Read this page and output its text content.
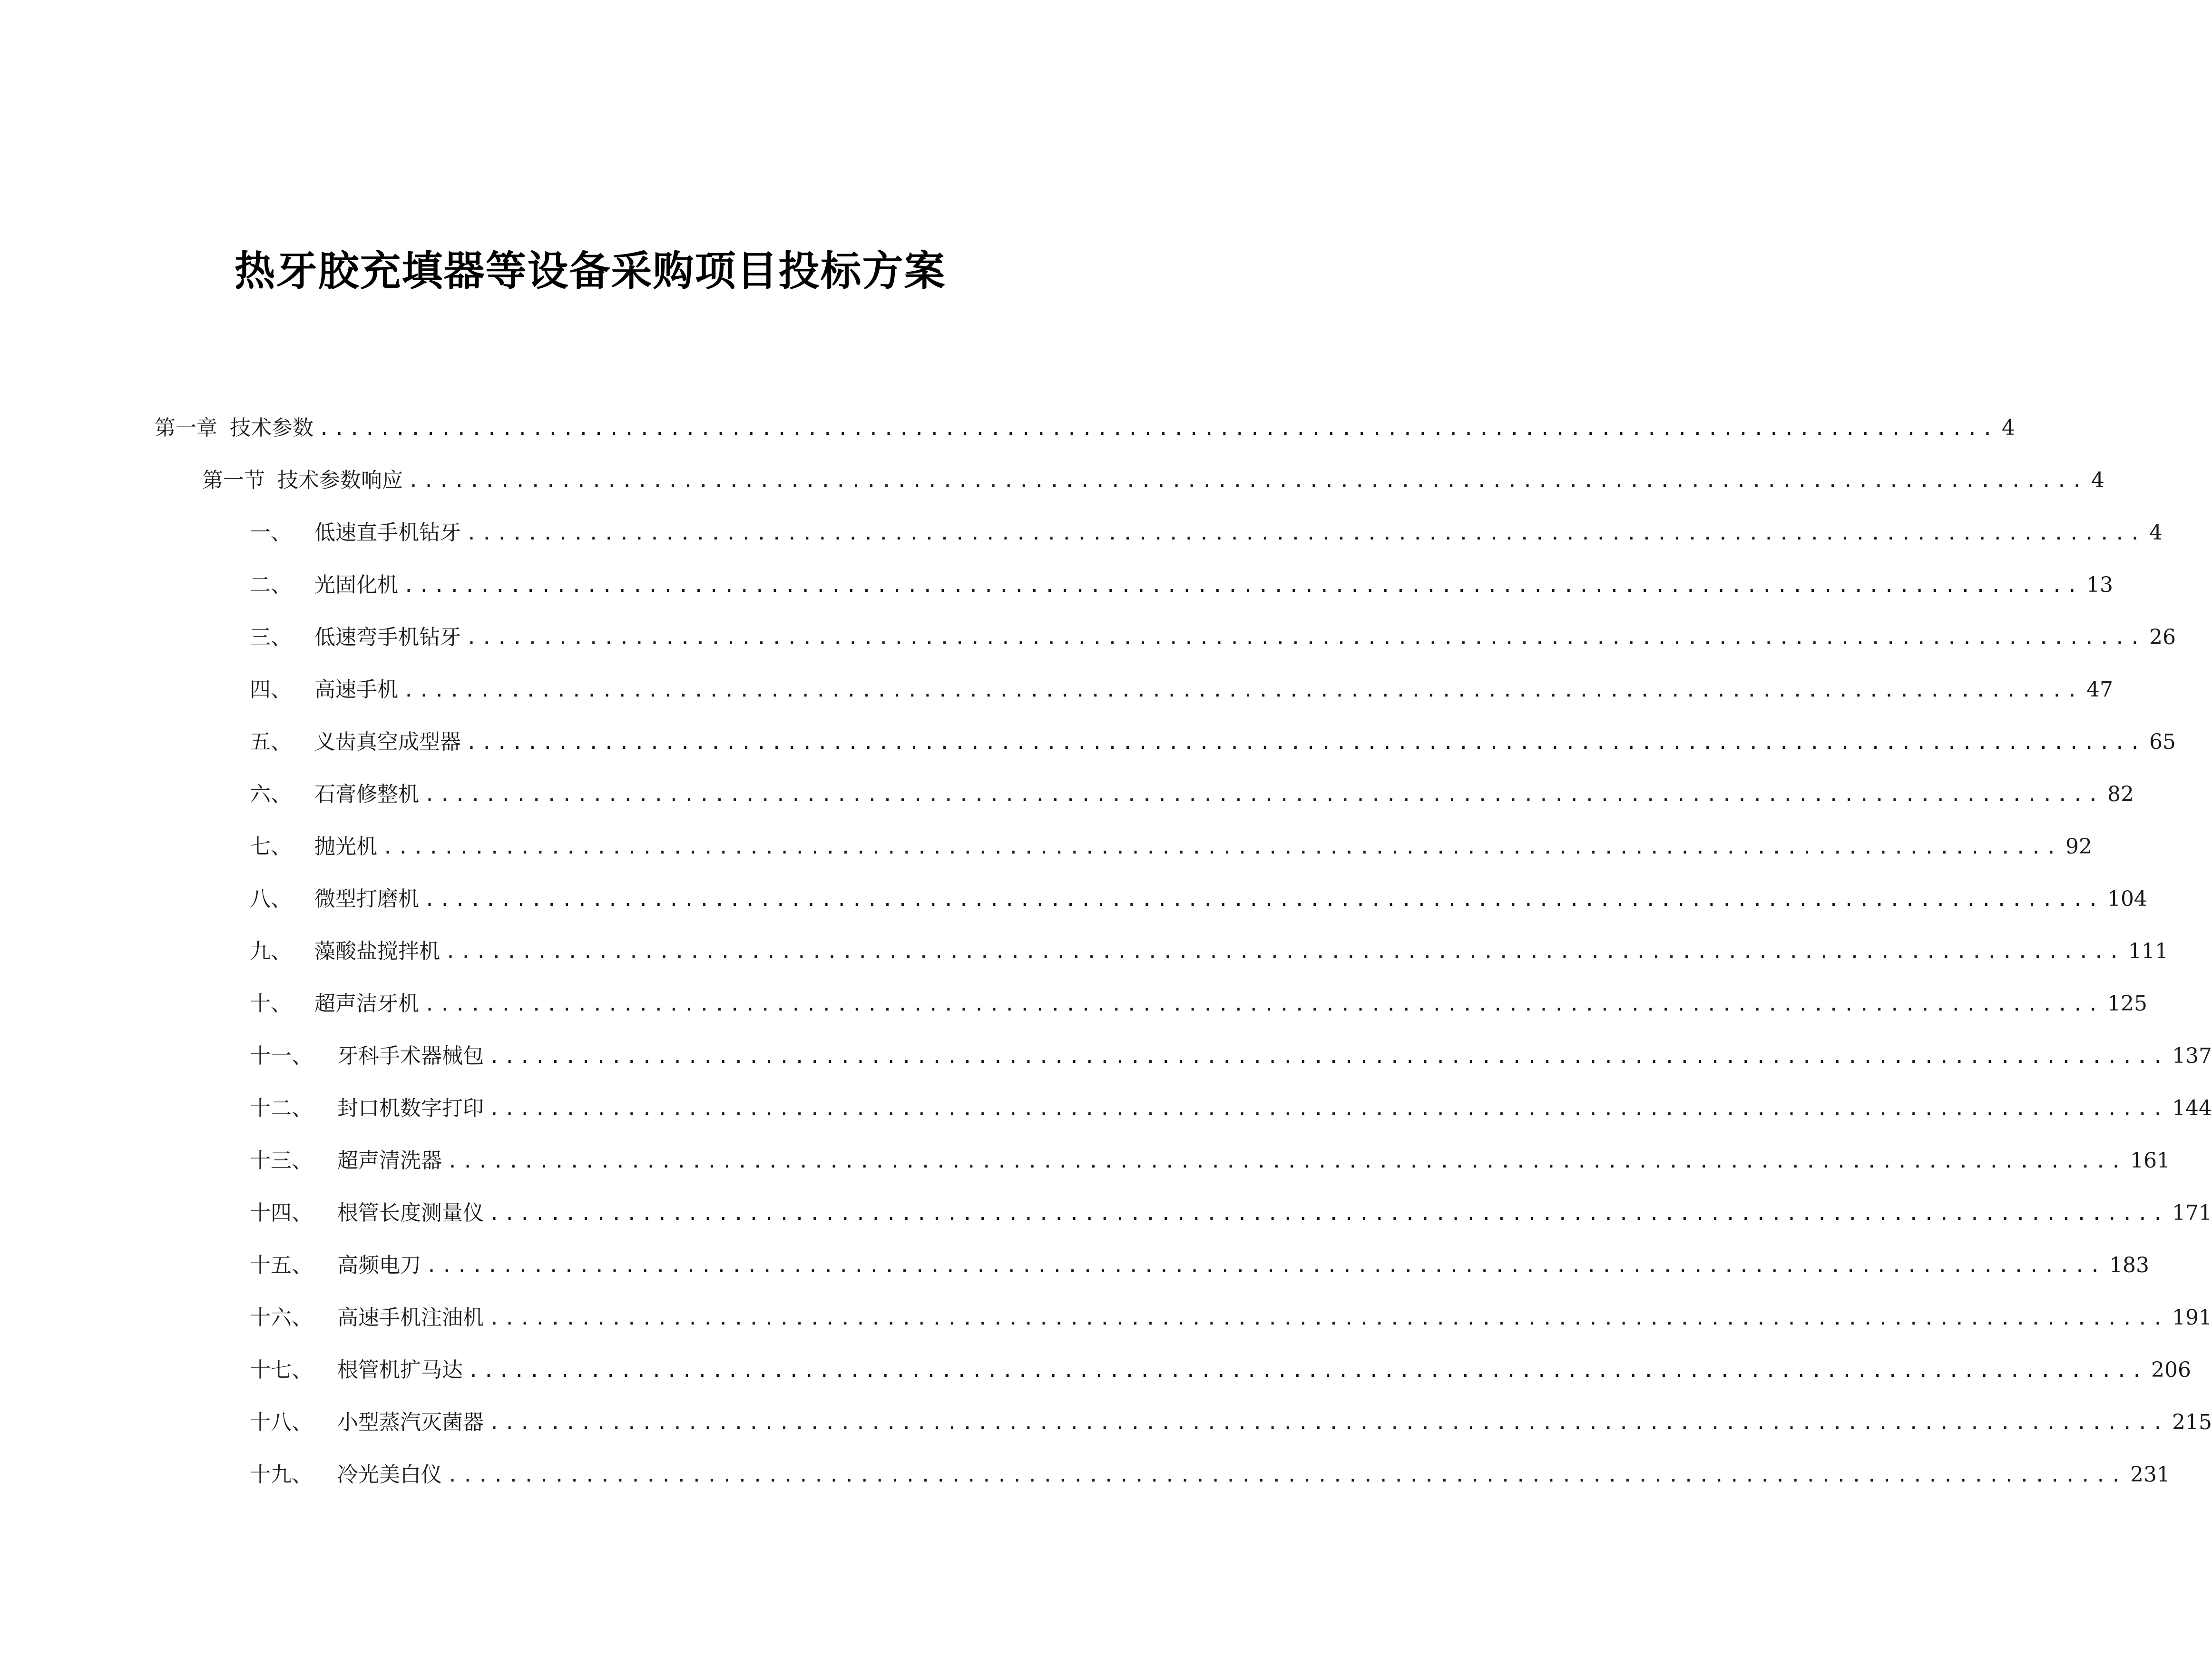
热牙胶充填器等设备采购项目投标方案
第一章 技术参数 .............................................................................................................. 4
第一节 技术参数响应 .............................................................................................................. 4
一、 低速直手机钻牙 .............................................................................................................. 4
二、 光固化机 .............................................................................................................. 13
三、 低速弯手机钻牙 .............................................................................................................. 26
四、 高速手机 .............................................................................................................. 47
五、 义齿真空成型器 .............................................................................................................. 65
六、 石膏修整机 .............................................................................................................. 82
七、 抛光机 .............................................................................................................. 92
八、 微型打磨机 .............................................................................................................. 104
九、 藻酸盐搅拌机 .............................................................................................................. 111
十、 超声洁牙机 .............................................................................................................. 125
十一、	牙科手术器械包 .............................................................................................................. 137
十二、	封口机数字打印 .............................................................................................................. 144
十三、	超声清洗器 .............................................................................................................. 161
十四、	根管长度测量仪 .............................................................................................................. 171
十五、	高频电刀 .............................................................................................................. 183
十六、	高速手机注油机 .............................................................................................................. 191
十七、	根管机扩马达 .............................................................................................................. 206
十八、	小型蒸汽灭菌器 .............................................................................................................. 215
十九、	冷光美白仪 .............................................................................................................. 231
